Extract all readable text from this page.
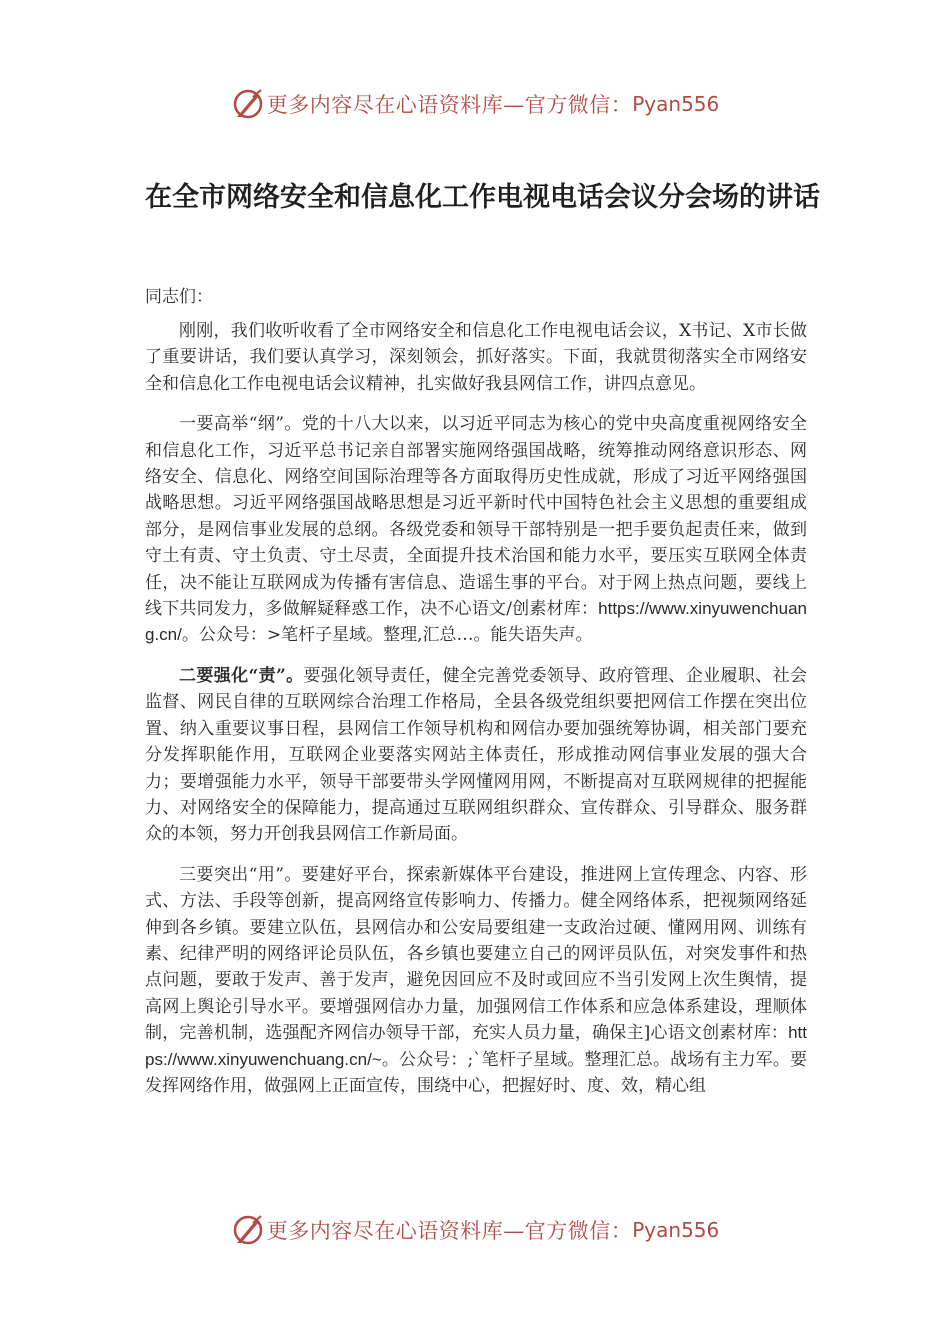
更多内容尽在心语资料库—官方微信： Pyan556
在全市网络安全和信息化工作电视电话会议分会场的讲话
同志们：

刚刚，我们收听收看了全市网络安全和信息化工作电视电话会议，X书记、X市长做了重要讲话，我们要认真学习，深刻领会，抓好落实。下面，我就贯彻落实全市网络安全和信息化工作电视电话会议精神，扎实做好我县网信工作，讲四点意见。

一要高举“纲”。党的十八大以来，以习近平同志为核心的党中央高度重视网络安全和信息化工作，习近平总书记亲自部署实施网络强国战略，统筹推动网络意识形态、网络安全、信息化、网络空间国际治理等各方面取得历史性成就，形成了习近平网络强国战略思想。习近平网络强国战略思想是习近平新时代中国特色社会主义思想的重要组成部分，是网信事业发展的总纲。各级党委和领导干部特别是一把手要负起责任来，做到守土有责、守土负责、守土尽责，全面提升技术治国和能力水平，要压实互联网全体责任，决不能让互联网成为传播有害信息、造谣生事的平台。对于网上热点问题，要线上线下共同发力，多做解疑释惑工作，决不心语文/创素材库：https://www.xinyuwenchuang.cn/。公众号：>笔杆子星域。整理,汇总…。能失语失声。

二要强化“责”。要强化领导责任，健全完善党委领导、政府管理、企业履职、社会监督、网民自律的互联网综合治理工作格局，全县各级党组织要把网信工作摆在突出位置、纳入重要议事日程，县网信工作领导机构和网信办要加强统筹协调，相关部门要充分发挥职能作用，互联网企业要落实网站主体责任，形成推动网信事业发展的强大合力；要增强能力水平，领导干部要带头学网懂网用网，不断提高对互联网规律的把握能力、对网络安全的保障能力，提高通过互联网组织群众、宣传群众、引导群众、服务群众的本领，努力开创我县网信工作新局面。

三要突出“用”。要建好平台，探索新媒体平台建设，推进网上宣传理念、内容、形式、方法、手段等创新，提高网络宣传影响力、传播力。健全网络体系，把视频网络延伸到各乡镇。要建立队伍，县网信办和公安局要组建一支政治过硬、懂网用网、训练有素、纪律严明的网络评论员队伍，各乡镇也要建立自己的网评员队伍，对突发事件和热点问题，要敢于发声、善于发声，避免因回应不及时或回应不当引发网上次生舆情，提高网上舆论引导水平。要增强网信办力量，加强网信工作体系和应急体系建设，理顺体制，完善机制，选强配齐网信办领导干部，充实人员力量，确保主]心语文创素材库：https://www.xinyuwenchuang.cn/~。公众号：;`笔杆子星域。整理汇总。战场有主力军。要发挥网络作用，做强网上正面宣传，围绕中心，把握好时、度、效，精心组

更多内容尽在心语资料库—官方微信： Pyan556
